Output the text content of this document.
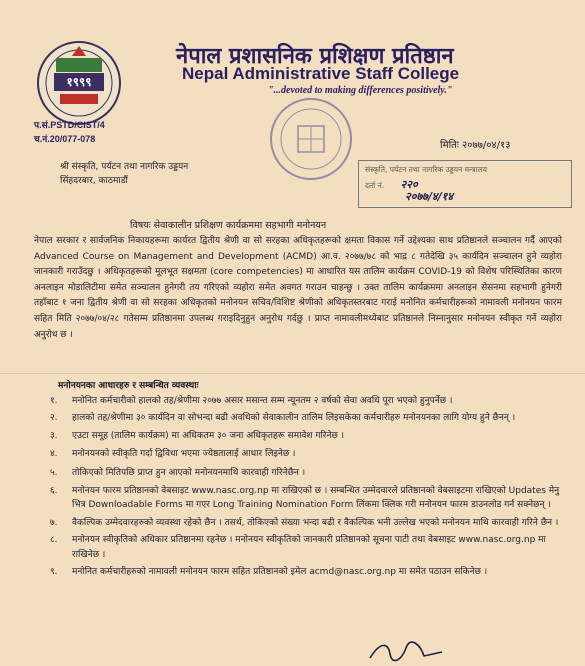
१९९९
नेपाल प्रशासनिक प्रशिक्षण प्रतिष्ठान
Nepal Administrative Staff College
"...devoted to making differences positively."
प.सं.PSTD/CIST/4
च.नं.20/077-078
मितिः २०७७/०४/१३
श्री संस्कृति, पर्यटन तथा नागरिक उड्डयन
सिंहदरबार, काठमाडौं
संस्कृति, पर्यटन तथा नागरिक उड्डयन मन्त्रालय
दर्ता नं. २२०
२०७७/४/१४
विषयः सेवाकालीन प्रशिक्षण कार्यक्रममा सहभागी मनोनयन

नेपाल सरकार र सार्वजनिक निकायहरूमा कार्यरत द्वितीय श्रेणी वा सो सरहका अधिकृतहरूको क्षमता विकास गर्ने उद्देश्यका साथ प्रतिष्ठानले सञ्चालन गर्दै आएको Advanced Course on Management and Development (ACMD) आ.व. २०७७/७८ को भाद्र ८ गतेदेखि ३५ कार्यदिन सञ्चालन हुने व्यहोरा जानकारी गराउँदछु । अधिकृतहरूको मूलभूत सक्षमता (core competencies) मा आधारित यस तालिम कार्यक्रम COVID-19 को विशेष परिस्थितिका कारण अनलाइन मोडालिटीमा समेत सञ्चालन हुनेगरी तय गरिएको व्यहोरा समेत अवगत गराउन चाहन्छु । उक्त तालिम कार्यक्रममा अनलाइन सेसनमा सहभागी हुनेगरी तहाँबाट १ जना द्वितीय श्रेणी वा सो सरहका अधिकृतको मनोनयन सचिव/विशिष्ट श्रेणीको अधिकृतस्तरबाट गराई मनोनित कर्मचारीहरूको नामावली मनोनयन फारम सहित मिति २०७७/०४/२८ गतेसम्म प्रतिष्ठानमा उपलब्ध गराइदिनुहुन अनुरोध गर्दछु । प्राप्त नामावलीमध्येबाट प्रतिष्ठानले निम्नानुसार मनोनयन स्वीकृत गर्ने व्यहोरा अनुरोध छ ।

मनोनयनका आधारहरु र सम्बन्धित व्यवस्थाः
१. मनोनित कर्मचारीको हालको तह/श्रेणीमा २०७७ असार मसान्त सम्म न्यूनतम २ वर्षको सेवा अवधि पूरा भएको हुनुपर्नेछ ।
२. हालको तह/श्रेणीमा ३० कार्यदिन वा सोभन्दा बढी अवधिको सेवाकालीन तालिम लिइसकेका कर्मचारीहरु मनोनयनका लागि योग्य हुने छैनन् ।
३. एउटा समूह (तालिम कार्यक्रम) मा अधिकतम ३० जना अधिकृतहरू समावेश गरिनेछ ।
४. मनोनयनको स्वीकृति गर्दा द्विविधा भएमा ज्येष्ठतालाई आधार लिइनेछ ।
५. तोकिएको मितिपछि प्राप्त हुन आएको मनोनयनमाथि कारवाही गरिनेछैन ।
६. मनोनयन फारम प्रतिष्ठानको वेबसाइट www.nasc.org.np मा राखिएको छ । सम्बन्धित उम्मेदवारले प्रतिष्ठानको वेबसाइटमा राखिएको Updates मेनु भित्र Downloadable Forms मा गएर Long Training Nomination Form लिंकमा क्लिक गरी मनोनयन फारम डाउनलोड गर्न सक्नेछन् ।
७. वैकल्पिक उम्मेदवारहरुको व्यवस्था रहेको छैन । तसर्थ, तोकिएको संख्या भन्दा बढी र वैकल्पिक भनी उल्लेख भएको मनोनयन माथि कारवाही गरिने छैन ।
८. मनोनयन स्वीकृतिको अधिकार प्रतिष्ठानमा रहनेछ । मनोनयन स्वीकृतिको जानकारी प्रतिष्ठानको सूचना पाटी तथा वेबसाइट www.nasc.org.np मा राखिनेछ ।
९. मनोनित कर्मचारीहरुको नामावली मनोनयन फारम सहित प्रतिष्ठानको इमेल acmd@nasc.org.np मा समेत पठाउन सकिनेछ ।
